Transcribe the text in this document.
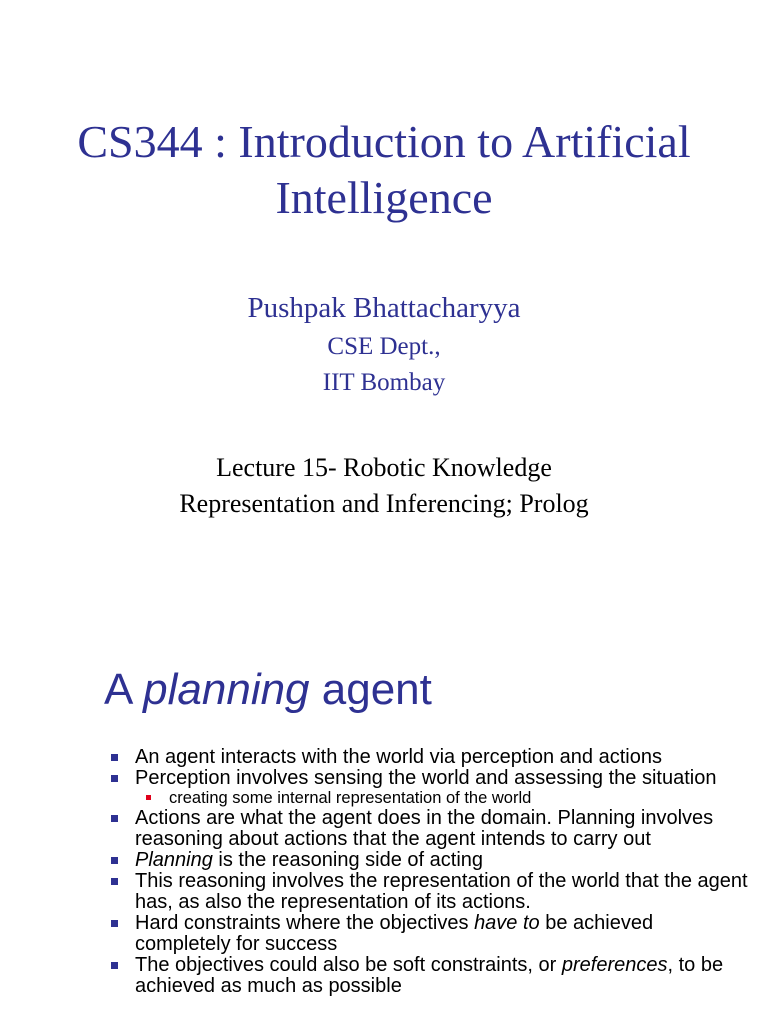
CS344 : Introduction to Artificial
Intelligence
Pushpak Bhattacharyya
CSE Dept.,
IIT Bombay
Lecture 15- Robotic Knowledge
Representation and Inferencing; Prolog
A planning agent
An agent interacts with the world via perception and actions
Perception involves sensing the world and assessing the situation
creating some internal representation of the world
Actions are what the agent does in the domain. Planning involves reasoning about actions that the agent intends to carry out
Planning is the reasoning side of acting
This reasoning involves the representation of the world that the agent has, as also the representation of its actions.
Hard constraints where the objectives have to be achieved completely for success
The objectives could also be soft constraints, or preferences, to be achieved as much as possible
